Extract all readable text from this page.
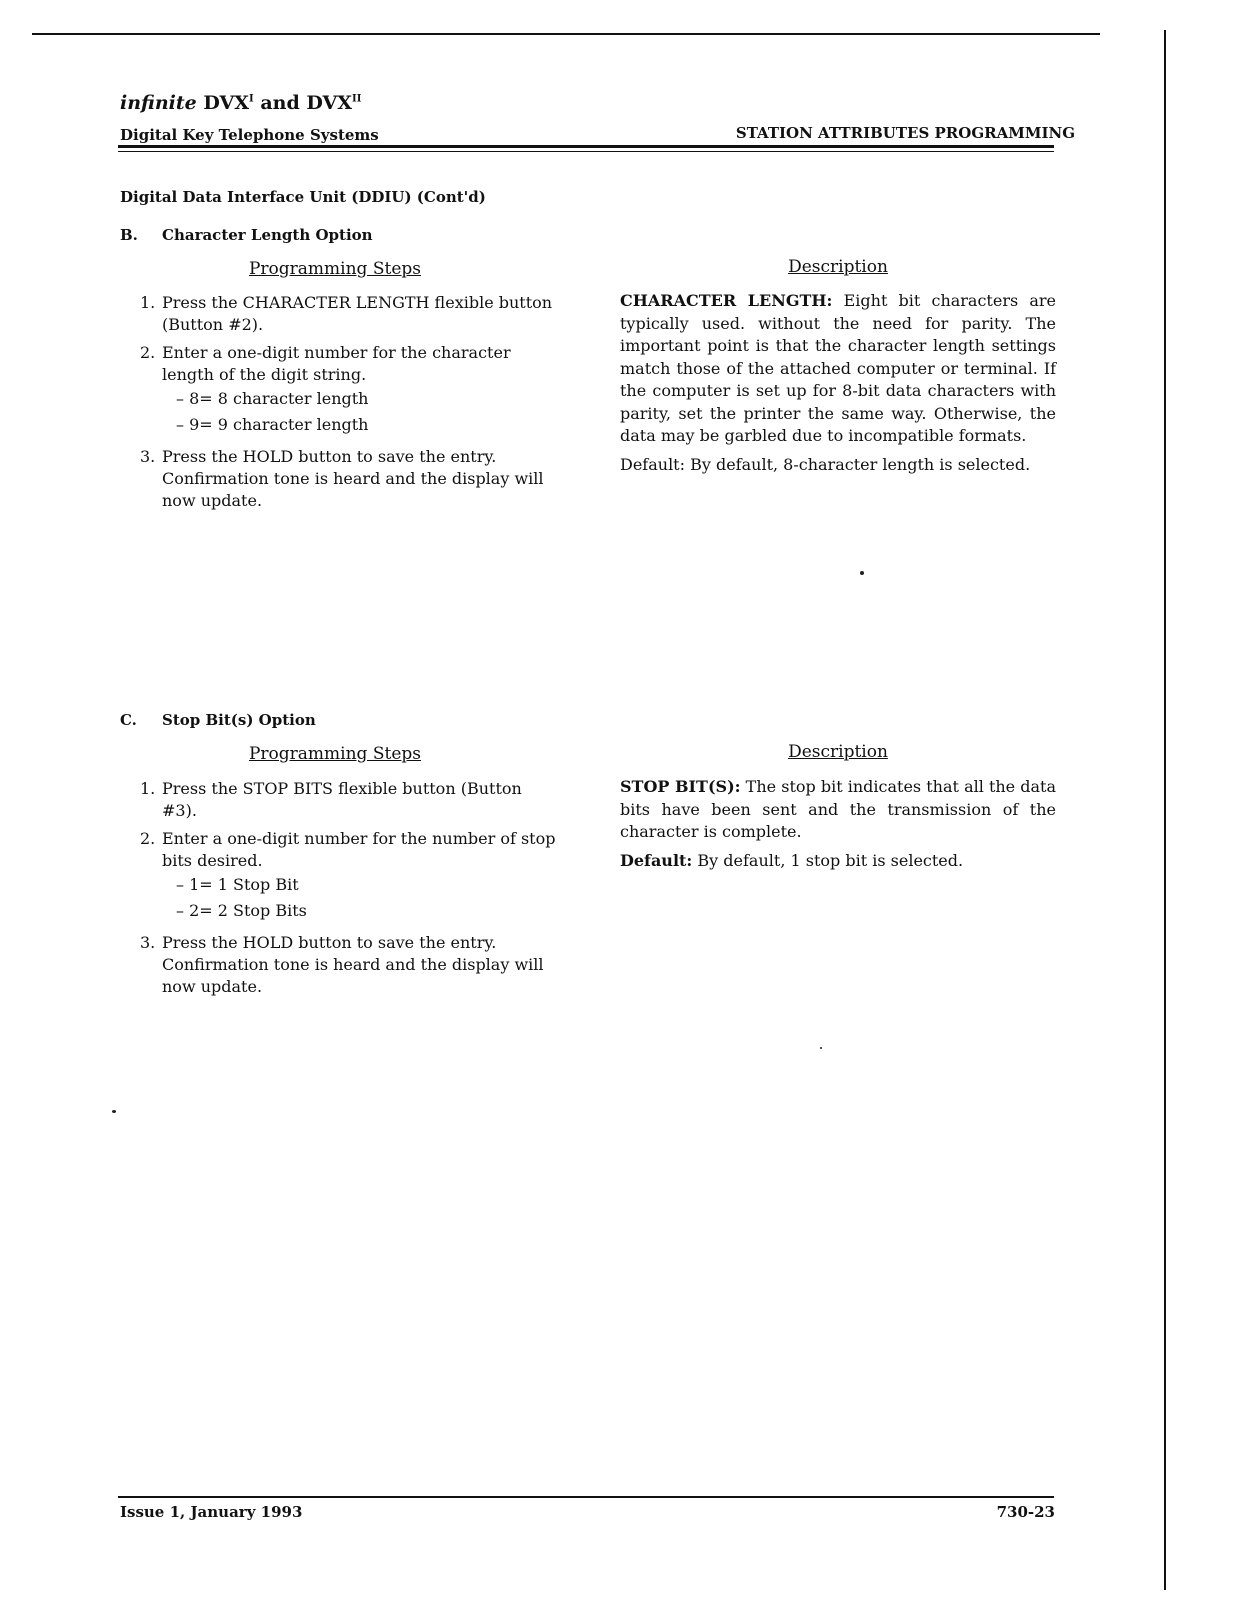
infinite $DVX^I$ and $DVX^{II}$
Digital Key Telephone Systems	STATION ATTRIBUTES PROGRAMMING
Digital Data Interface Unit (DDIU) (Cont'd)
B. Character Length Option
Programming Steps	Description
1. Press the CHARACTER LENGTH flexible button (Button #2).
2. Enter a one-digit number for the character length of the digit string.
– 8= 8 character length
– 9= 9 character length
3. Press the HOLD button to save the entry. Confirmation tone is heard and the display will now update.

CHARACTER LENGTH: Eight bit characters are typically used. without the need for parity. The important point is that the character length settings match those of the attached computer or terminal. If the computer is set up for 8-bit data characters with parity, set the printer the same way. Otherwise, the data may be garbled due to incompatible formats.

Default: By default, 8-character length is selected.

C. Stop Bit(s) Option
Programming Steps	Description
1. Press the STOP BITS flexible button (Button #3).
2. Enter a one-digit number for the number of stop bits desired.
– 1= 1 Stop Bit
– 2= 2 Stop Bits
3. Press the HOLD button to save the entry. Confirmation tone is heard and the display will now update.

STOP BIT(S): The stop bit indicates that all the data bits have been sent and the transmission of the character is complete.

Default: By default, 1 stop bit is selected.

Issue 1, January 1993	730-23
